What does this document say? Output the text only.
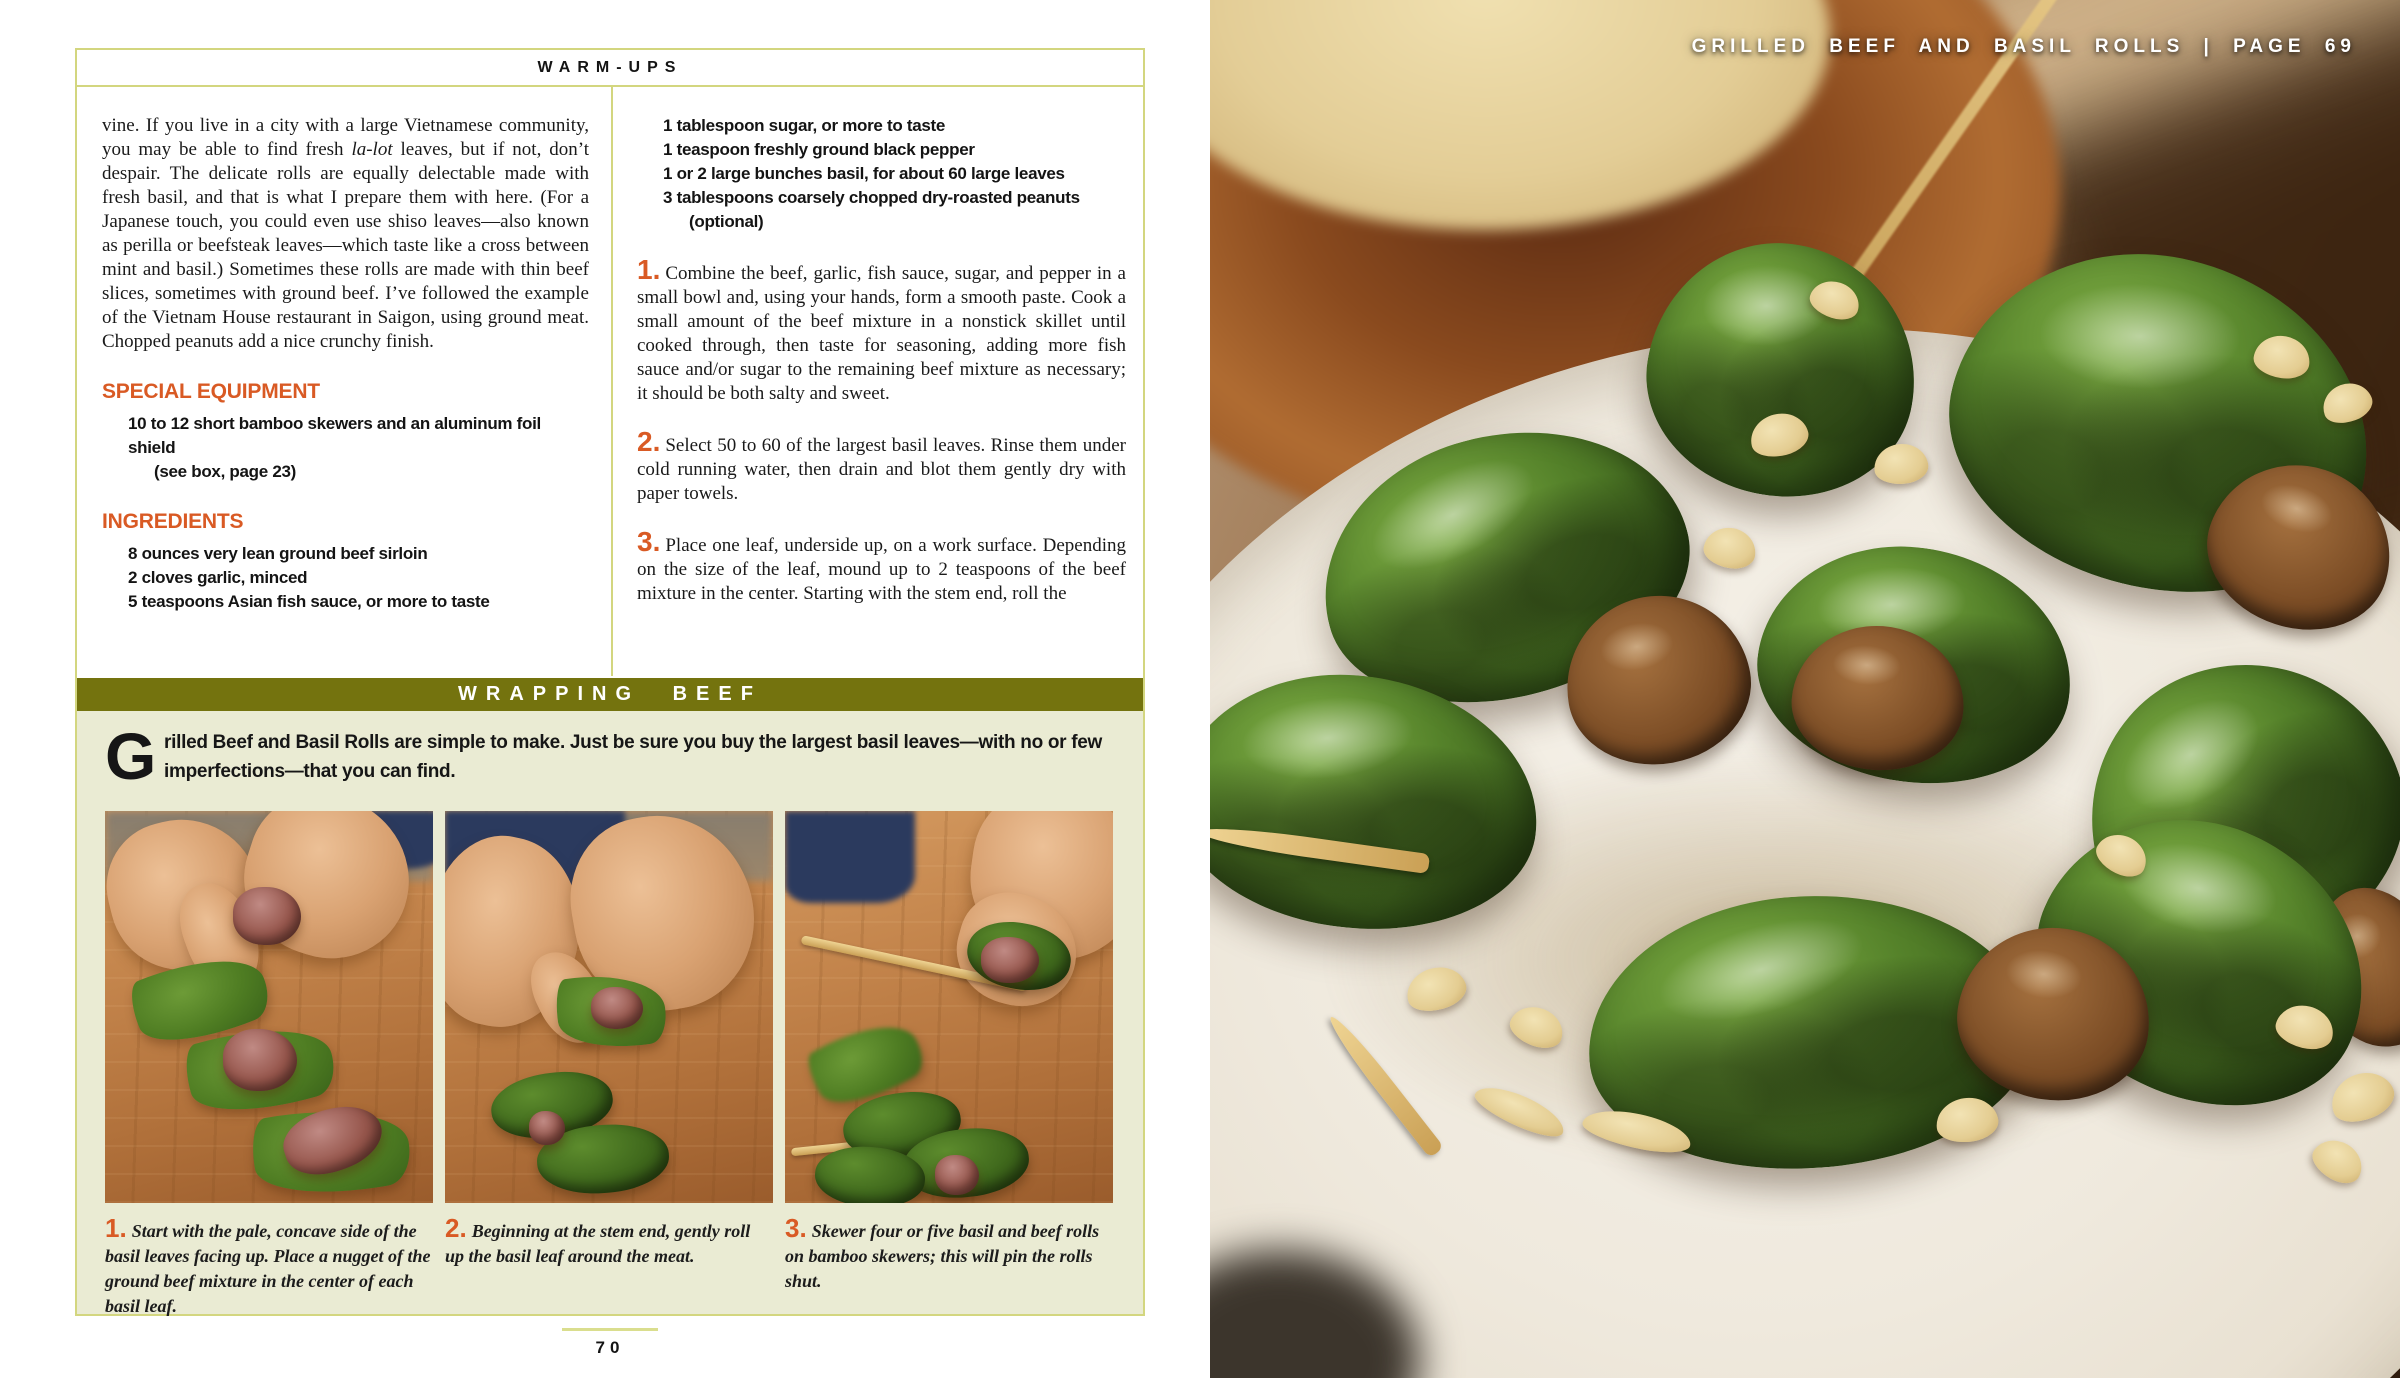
WARM-UPS

vine. If you live in a city with a large Vietnamese community, you may be able to find fresh la-lot leaves, but if not, don’t despair. The delicate rolls are equally delectable made with fresh basil, and that is what I prepare them with here. (For a Japanese touch, you could even use shiso leaves—also known as perilla or beefsteak leaves—which taste like a cross between mint and basil.) Sometimes these rolls are made with thin beef slices, sometimes with ground beef. I’ve followed the example of the Vietnam House restaurant in Saigon, using ground meat. Chopped peanuts add a nice crunchy finish.

SPECIAL EQUIPMENT
10 to 12 short bamboo skewers and an aluminum foil shield
(see box, page 23)
INGREDIENTS
8 ounces very lean ground beef sirloin
2 cloves garlic, minced
5 teaspoons Asian fish sauce, or more to taste
1 tablespoon sugar, or more to taste
1 teaspoon freshly ground black pepper
1 or 2 large bunches basil, for about 60 large leaves
3 tablespoons coarsely chopped dry-roasted peanuts
(optional)

1. Combine the beef, garlic, fish sauce, sugar, and pepper in a small bowl and, using your hands, form a smooth paste. Cook a small amount of the beef mixture in a nonstick skillet until cooked through, then taste for seasoning, adding more fish sauce and/or sugar to the remaining beef mixture as necessary; it should be both salty and sweet.

2. Select 50 to 60 of the largest basil leaves. Rinse them under cold running water, then drain and blot them gently dry with paper towels.

3. Place one leaf, underside up, on a work surface. Depending on the size of the leaf, mound up to 2 teaspoons of the beef mixture in the center. Starting with the stem end, roll the

WRAPPING BEEF

Grilled Beef and Basil Rolls are simple to make. Just be sure you buy the largest basil leaves—with no or few imperfections—that you can find.

1. Start with the pale, concave side of the basil leaves facing up. Place a nugget of the ground beef mixture in the center of each basil leaf.

2. Beginning at the stem end, gently roll up the basil leaf around the meat.

3. Skewer four or five basil and beef rolls on bamboo skewers; this will pin the rolls shut.

70
GRILLED BEEF AND BASIL ROLLS | PAGE 69
